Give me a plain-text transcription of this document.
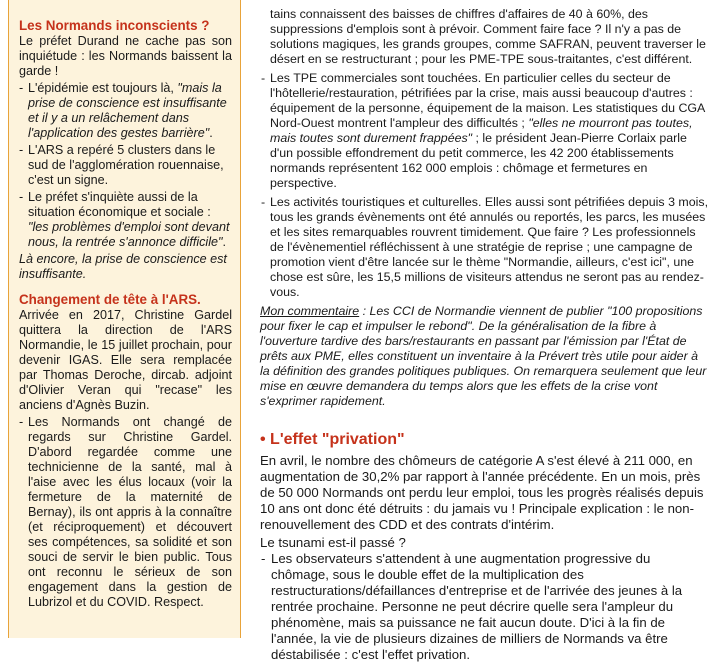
Les Normands inconscients ?

Le préfet Durand ne cache pas son inquiétude : les Normands baissent la garde !

- L'épidémie est toujours là, "mais la prise de conscience est insuffisante et il y a un relâchement dans l'application des gestes barrière".
- L'ARS a repéré 5 clusters dans le sud de l'agglomération rouennaise, c'est un signe.
- Le préfet s'inquiète aussi de la situation économique et sociale : "les problèmes d'emploi sont devant nous, la rentrée s'annonce difficile".

Là encore, la prise de conscience est insuffisante.

Changement de tête à l'ARS.

Arrivée en 2017, Christine Gardel quittera la direction de l'ARS Normandie, le 15 juillet prochain, pour devenir IGAS. Elle sera remplacée par Thomas Deroche, dircab. adjoint d'Olivier Veran qui "recase" les anciens d'Agnès Buzin.

- Les Normands ont changé de regards sur Christine Gardel. D'abord regardée comme une technicienne de la santé, mal à l'aise avec les élus locaux (voir la fermeture de la maternité de Bernay), ils ont appris à la connaître (et réciproquement) et découvert ses compétences, sa solidité et son souci de servir le bien public. Tous ont reconnu le sérieux de son engagement dans la gestion de Lubrizol et du COVID. Respect.
tains connaissent des baisses de chiffres d'affaires de 40 à 60%, des suppressions d'emplois sont à prévoir. Comment faire face ? Il n'y a pas de solutions magiques, les grands groupes, comme SAFRAN, peuvent traverser le désert en se restructurant ; pour les PME-TPE sous-traitantes, c'est différent.
- Les TPE commerciales sont touchées. En particulier celles du secteur de l'hôtellerie/restauration, pétrifiées par la crise, mais aussi beaucoup d'autres : équipement de la personne, équipement de la maison. Les statistiques du CGA Nord-Ouest montrent l'ampleur des difficultés ; "elles ne mourront pas toutes, mais toutes sont durement frappées" ; le président Jean-Pierre Corlaix parle d'un possible effondrement du petit commerce, les 42 200 établissements normands représentent 162 000 emplois : chômage et fermetures en perspective.
- Les activités touristiques et culturelles. Elles aussi sont pétrifiées depuis 3 mois, tous les grands évènements ont été annulés ou reportés, les parcs, les musées et les sites remarquables rouvrent timidement. Que faire ? Les professionnels de l'évènementiel réfléchissent à une stratégie de reprise ; une campagne de promotion vient d'être lancée sur le thème "Normandie, ailleurs, c'est ici", une chose est sûre, les 15,5 millions de visiteurs attendus ne seront pas au rendez-vous.

Mon commentaire : Les CCI de Normandie viennent de publier "100 propositions pour fixer le cap et impulser le rebond". De la généralisation de la fibre à l'ouverture tardive des bars/restaurants en passant par l'émission par l'État de prêts aux PME, elles constituent un inventaire à la Prévert très utile pour aider à la définition des grandes politiques publiques. On remarquera seulement que leur mise en œuvre demandera du temps alors que les effets de la crise vont s'exprimer rapidement.

• L'effet "privation"

En avril, le nombre des chômeurs de catégorie A s'est élevé à 211 000, en augmentation de 30,2% par rapport à l'année précédente. En un mois, près de 50 000 Normands ont perdu leur emploi, tous les progrès réalisés depuis 10 ans ont donc été détruits : du jamais vu ! Principale explication : le non-renouvellement des CDD et des contrats d'intérim.

Le tsunami est-il passé ?

- Les observateurs s'attendent à une augmentation progressive du chômage, sous le double effet de la multiplication des restructurations/défaillances d'entreprise et de l'arrivée des jeunes à la rentrée prochaine. Personne ne peut décrire quelle sera l'ampleur du phénomène, mais sa puissance ne fait aucun doute. D'ici à la fin de l'année, la vie de plusieurs dizaines de milliers de Normands va être déstabilisée : c'est l'effet privation.
